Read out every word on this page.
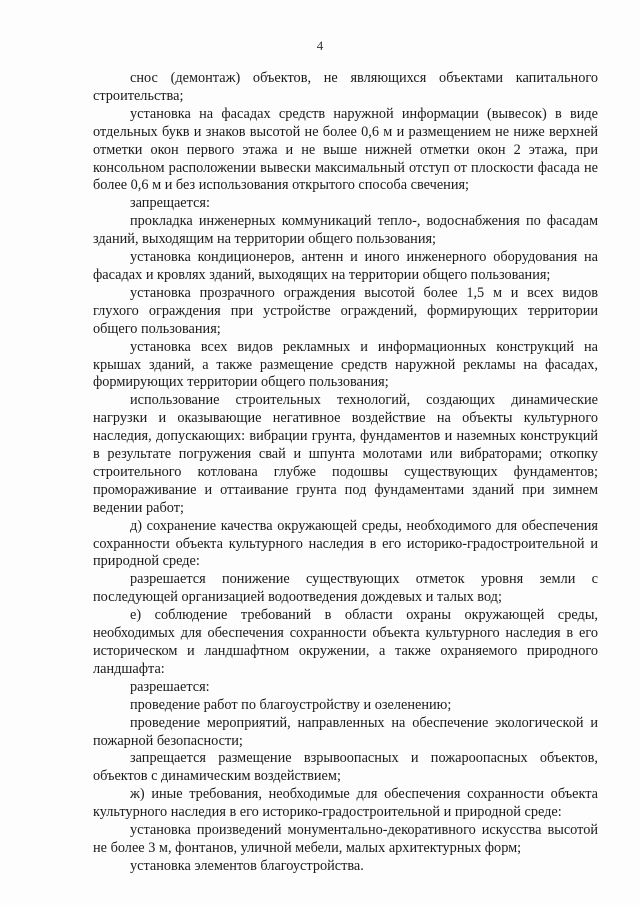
4

снос (демонтаж) объектов, не являющихся объектами капитального строительства;

установка на фасадах средств наружной информации (вывесок) в виде отдельных букв и знаков высотой не более 0,6 м и размещением не ниже верхней отметки окон первого этажа и не выше нижней отметки окон 2 этажа, при консольном расположении вывески максимальный отступ от плоскости фасада не более 0,6 м и без использования открытого способа свечения;

запрещается:

прокладка инженерных коммуникаций тепло-, водоснабжения по фасадам зданий, выходящим на территории общего пользования;

установка кондиционеров, антенн и иного инженерного оборудования на фасадах и кровлях зданий, выходящих на территории общего пользования;

установка прозрачного ограждения высотой более 1,5 м и всех видов глухого ограждения при устройстве ограждений, формирующих территории общего пользования;

установка всех видов рекламных и информационных конструкций на крышах зданий, а также размещение средств наружной рекламы на фасадах, формирующих территории общего пользования;

использование строительных технологий, создающих динамические нагрузки и оказывающие негативное воздействие на объекты культурного наследия, допускающих: вибрации грунта, фундаментов и наземных конструкций в результате погружения свай и шпунта молотами или вибраторами; откопку строительного котлована глубже подошвы существующих фундаментов; промораживание и оттаивание грунта под фундаментами зданий при зимнем ведении работ;

д) сохранение качества окружающей среды, необходимого для обеспечения сохранности объекта культурного наследия в его историко-градостроительной и природной среде:

разрешается понижение существующих отметок уровня земли с последующей организацией водоотведения дождевых и талых вод;

е) соблюдение требований в области охраны окружающей среды, необходимых для обеспечения сохранности объекта культурного наследия в его историческом и ландшафтном окружении, а также охраняемого природного ландшафта:

разрешается:

проведение работ по благоустройству и озеленению;

проведение мероприятий, направленных на обеспечение экологической и пожарной безопасности;

запрещается размещение взрывоопасных и пожароопасных объектов, объектов с динамическим воздействием;

ж) иные требования, необходимые для обеспечения сохранности объекта культурного наследия в его историко-градостроительной и природной среде:

установка произведений монументально-декоративного искусства высотой не более 3 м, фонтанов, уличной мебели, малых архитектурных форм;

установка элементов благоустройства.
